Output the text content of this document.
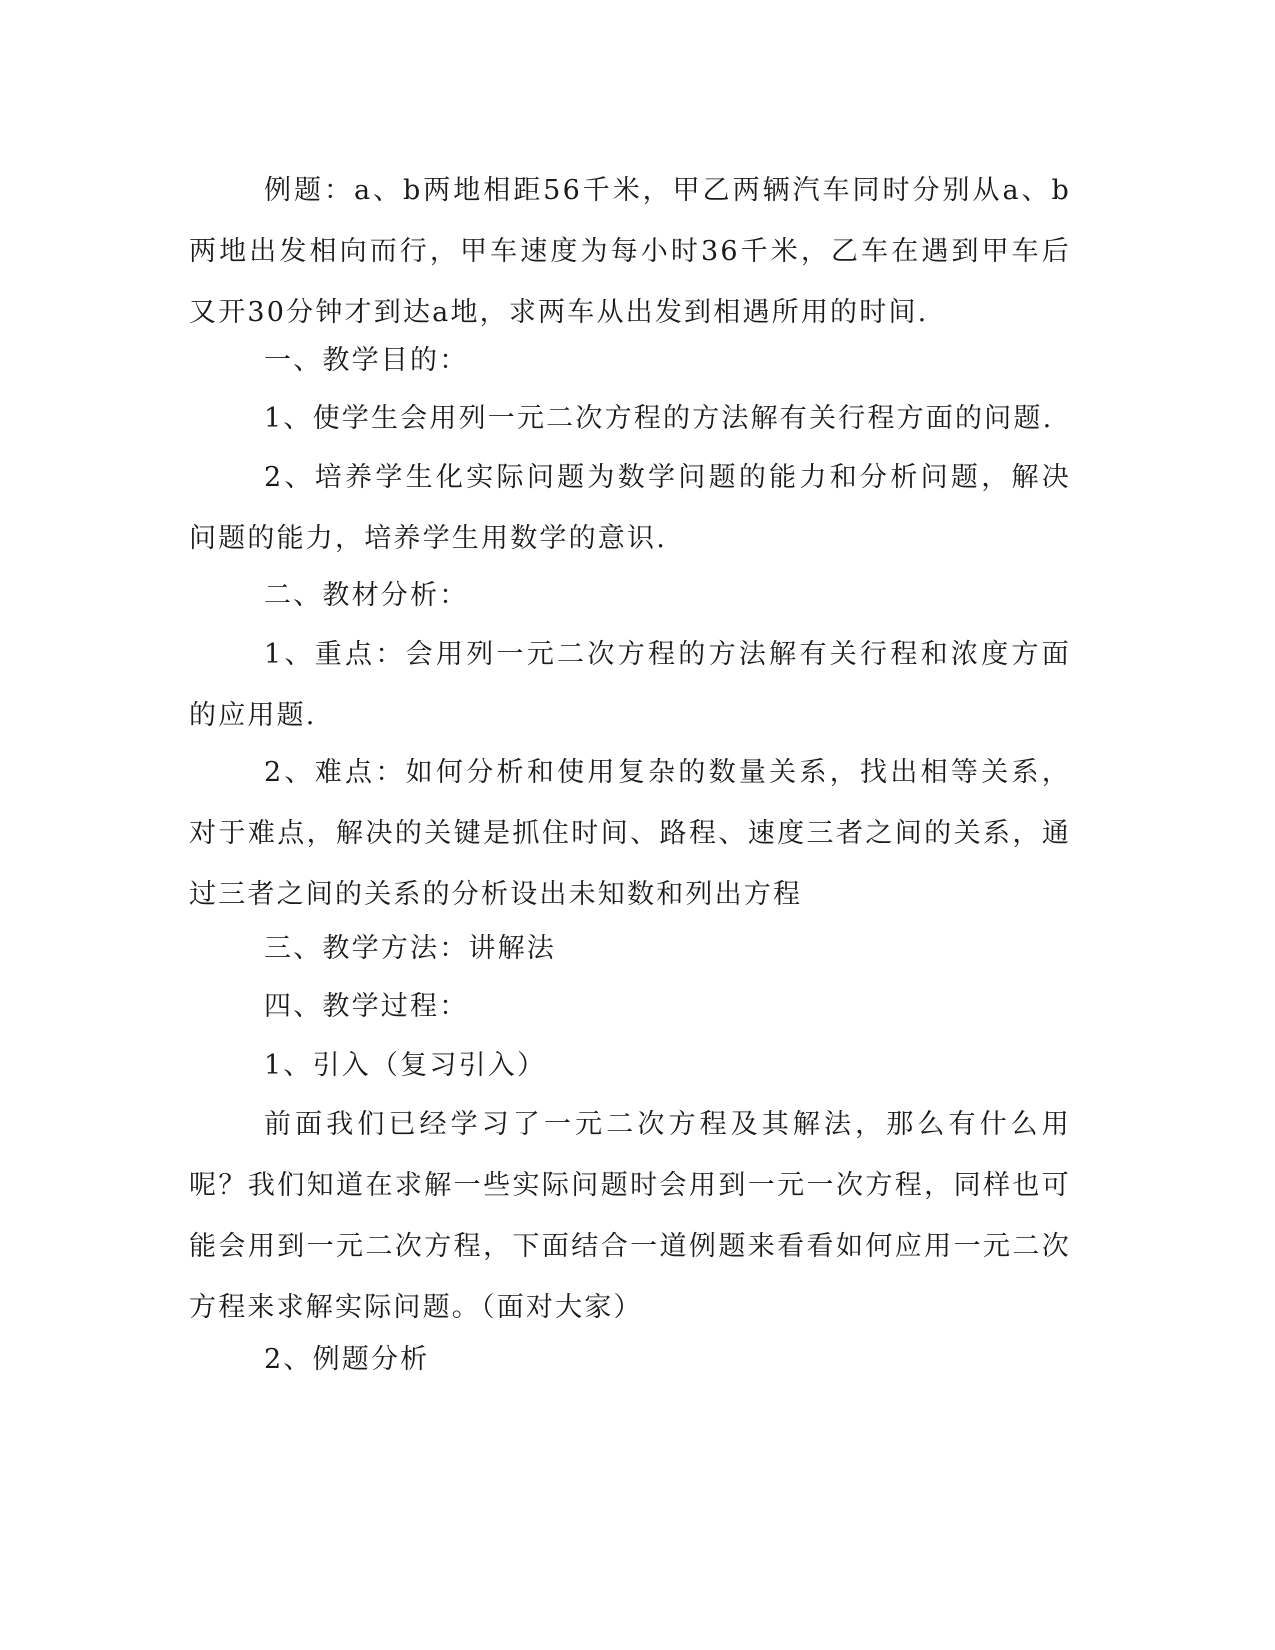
例题：a、b两地相距56千米，甲乙两辆汽车同时分别从a、b两地出发相向而行，甲车速度为每小时36千米，乙车在遇到甲车后又开30分钟才到达a地，求两车从出发到相遇所用的时间.

一、教学目的：

1、使学生会用列一元二次方程的方法解有关行程方面的问题.

2、培养学生化实际问题为数学问题的能力和分析问题，解决问题的能力，培养学生用数学的意识.

二、教材分析：

1、重点：会用列一元二次方程的方法解有关行程和浓度方面的应用题.

2、难点：如何分析和使用复杂的数量关系，找出相等关系，对于难点，解决的关键是抓住时间、路程、速度三者之间的关系，通过三者之间的关系的分析设出未知数和列出方程

三、教学方法：讲解法

四、教学过程：

1、引入（复习引入）

前面我们已经学习了一元二次方程及其解法，那么有什么用呢？我们知道在求解一些实际问题时会用到一元一次方程，同样也可能会用到一元二次方程，下面结合一道例题来看看如何应用一元二次方程来求解实际问题。（面对大家）

2、例题分析
